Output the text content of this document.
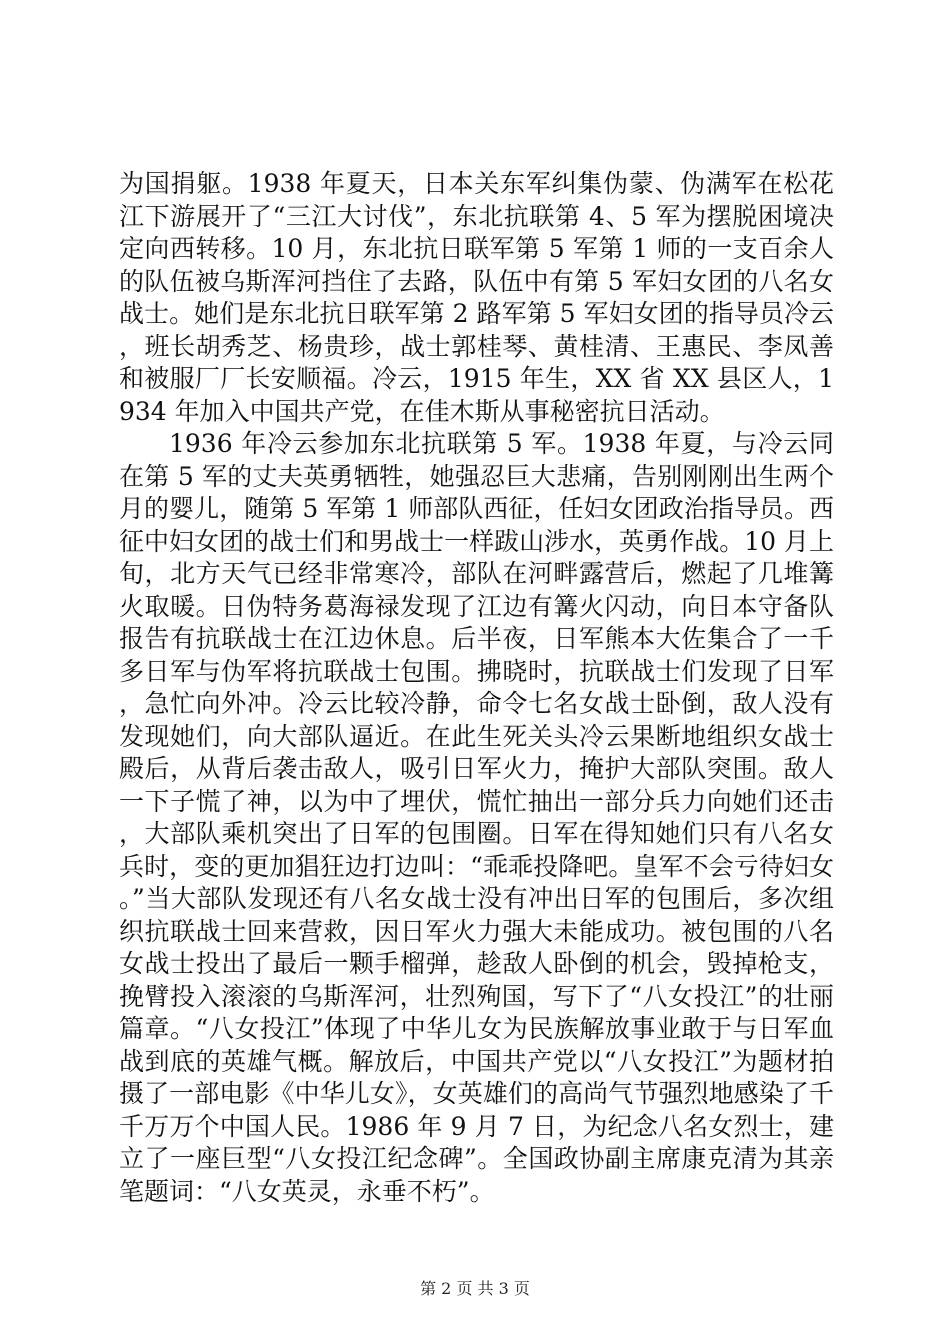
为国捐躯。1938 年夏天，日本关东军纠集伪蒙、伪满军在松花江下游展开了“三江大讨伐”，东北抗联第 4、5 军为摆脱困境决定向西转移。10 月，东北抗日联军第 5 军第 1 师的一支百余人的队伍被乌斯浑河挡住了去路，队伍中有第 5 军妇女团的八名女战士。她们是东北抗日联军第 2 路军第 5 军妇女团的指导员冷云，班长胡秀芝、杨贵珍，战士郭桂琴、黄桂清、王惠民、李凤善和被服厂厂长安顺福。冷云，1915 年生，XX 省 XX 县区人，1934 年加入中国共产党，在佳木斯从事秘密抗日活动。

1936 年冷云参加东北抗联第 5 军。1938 年夏，与冷云同在第 5 军的丈夫英勇牺牲，她强忍巨大悲痛，告别刚刚出生两个月的婴儿，随第 5 军第 1 师部队西征，任妇女团政治指导员。西征中妇女团的战士们和男战士一样跋山涉水，英勇作战。10 月上旬，北方天气已经非常寒冷，部队在河畔露营后，燃起了几堆篝火取暖。日伪特务葛海禄发现了江边有篝火闪动，向日本守备队报告有抗联战士在江边休息。后半夜，日军熊本大佐集合了一千多日军与伪军将抗联战士包围。拂晓时，抗联战士们发现了日军，急忙向外冲。冷云比较冷静，命令七名女战士卧倒，敌人没有发现她们，向大部队逼近。在此生死关头冷云果断地组织女战士殿后，从背后袭击敌人，吸引日军火力，掩护大部队突围。敌人一下子慌了神，以为中了埋伏，慌忙抽出一部分兵力向她们还击，大部队乘机突出了日军的包围圈。日军在得知她们只有八名女兵时，变的更加猖狂边打边叫：“乖乖投降吧。皇军不会亏待妇女。”当大部队发现还有八名女战士没有冲出日军的包围后，多次组织抗联战士回来营救，因日军火力强大未能成功。被包围的八名女战士投出了最后一颗手榴弹，趁敌人卧倒的机会，毁掉枪支，挽臂投入滚滚的乌斯浑河，壮烈殉国，写下了“八女投江”的壮丽篇章。“八女投江”体现了中华儿女为民族解放事业敢于与日军血战到底的英雄气概。解放后，中国共产党以“八女投江”为题材拍摄了一部电影《中华儿女》，女英雄们的高尚气节强烈地感染了千千万万个中国人民。1986 年 9 月 7 日，为纪念八名女烈士，建立了一座巨型“八女投江纪念碑”。全国政协副主席康克清为其亲笔题词：“八女英灵，永垂不朽”。

第 2 页 共 3 页
